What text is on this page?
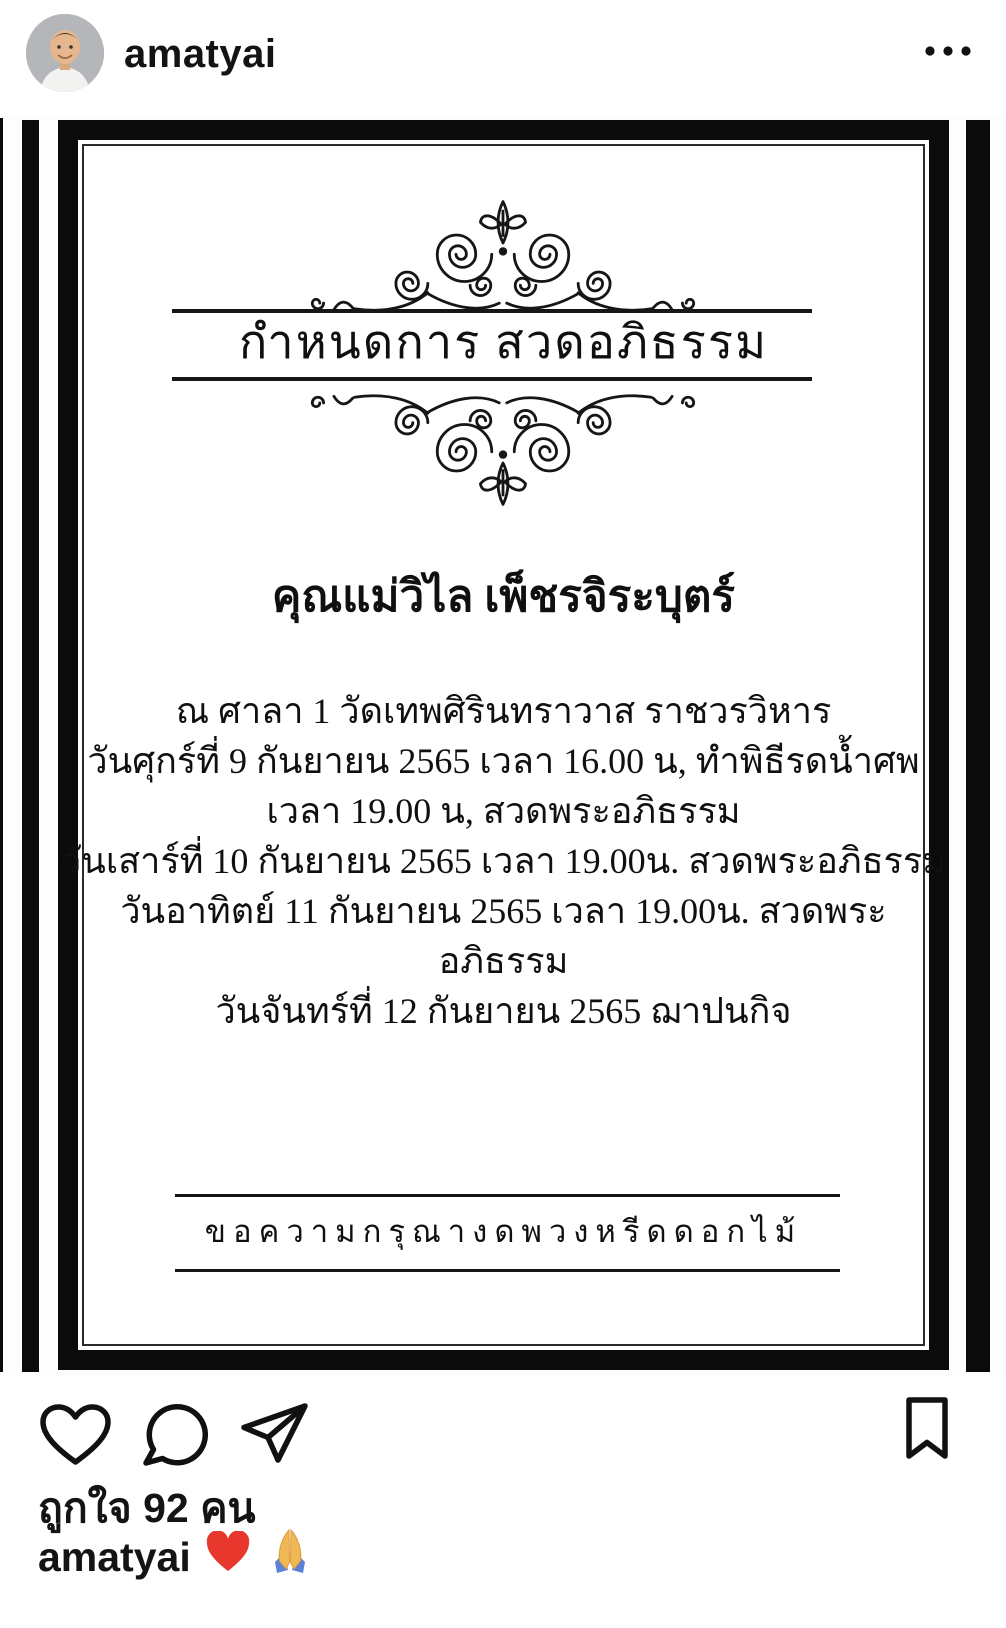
amatyai
กำหนดการ สวดอภิธรรม
คุณแม่วิไล เพ็ชรจิระบุตร์
ณ ศาลา 1 วัดเทพศิรินทราวาส ราชวรวิหาร
วันศุกร์ที่ 9 กันยายน 2565 เวลา 16.00 น, ทำพิธีรดน้ำศพ
เวลา 19.00 น, สวดพระอภิธรรม
วันเสาร์ที่ 10 กันยายน 2565 เวลา 19.00น. สวดพระอภิธรรม
วันอาทิตย์ 11 กันยายน 2565 เวลา 19.00น. สวดพระอภิธรรม
วันจันทร์ที่ 12 กันยายน 2565 ฌาปนกิจ
ขอความกรุณางดพวงหรีดดอกไม้
ถูกใจ 92 คน
amatyai
